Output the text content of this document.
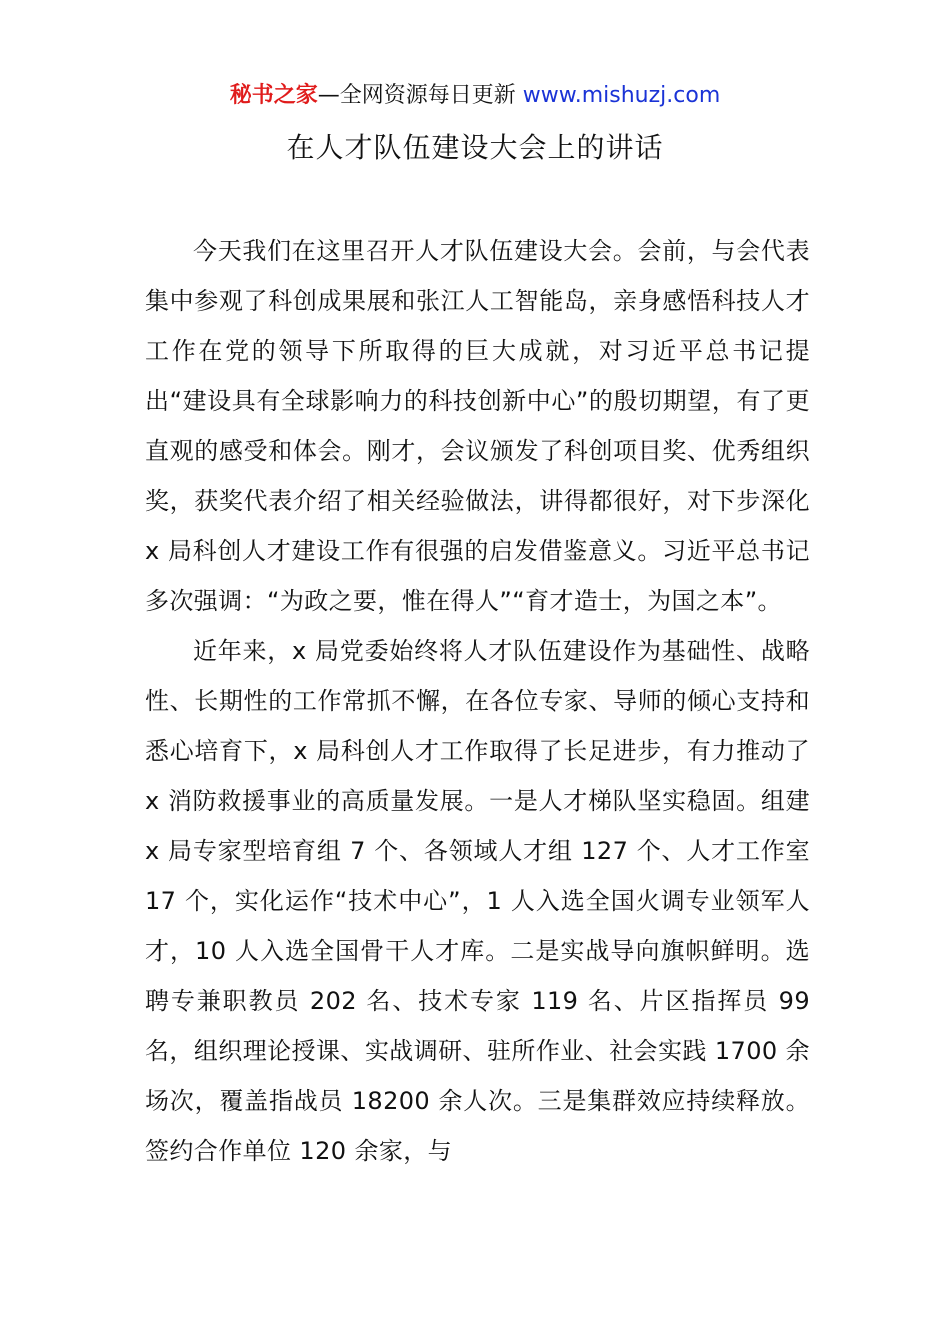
秘书之家—全网资源每日更新 www.mishuzj.com
在人才队伍建设大会上的讲话

今天我们在这里召开人才队伍建设大会。会前，与会代表集中参观了科创成果展和张江人工智能岛，亲身感悟科技人才工作在党的领导下所取得的巨大成就，对习近平总书记提出“建设具有全球影响力的科技创新中心”的殷切期望，有了更直观的感受和体会。刚才，会议颁发了科创项目奖、优秀组织奖，获奖代表介绍了相关经验做法，讲得都很好，对下步深化 x 局科创人才建设工作有很强的启发借鉴意义。习近平总书记多次强调：“为政之要，惟在得人”“育才造士，为国之本”。

近年来，x 局党委始终将人才队伍建设作为基础性、战略性、长期性的工作常抓不懈，在各位专家、导师的倾心支持和悉心培育下，x 局科创人才工作取得了长足进步，有力推动了 x 消防救援事业的高质量发展。一是人才梯队坚实稳固。组建 x 局专家型培育组 7 个、各领域人才组 127 个、人才工作室 17 个，实化运作“技术中心”，1 人入选全国火调专业领军人才，10 人入选全国骨干人才库。二是实战导向旗帜鲜明。选聘专兼职教员 202 名、技术专家 119 名、片区指挥员 99 名，组织理论授课、实战调研、驻所作业、社会实践 1700 余场次，覆盖指战员 18200 余人次。三是集群效应持续释放。签约合作单位 120 余家，与
